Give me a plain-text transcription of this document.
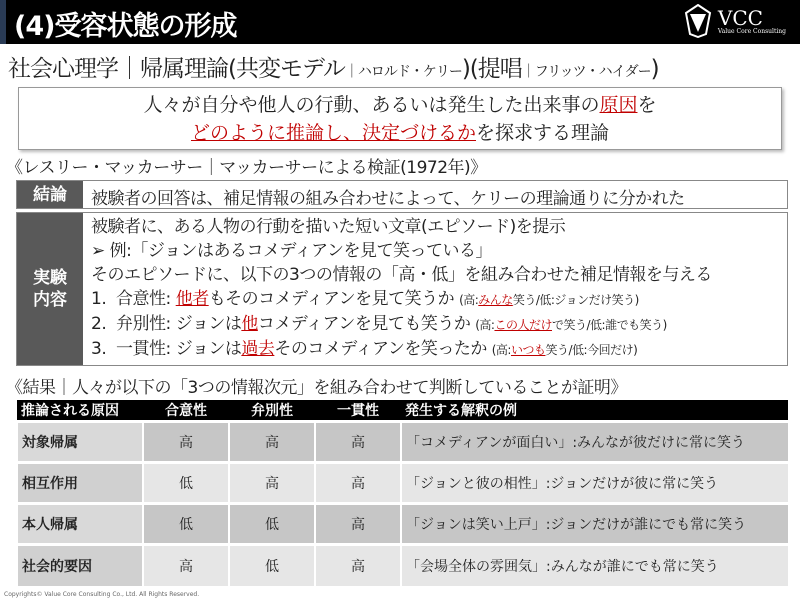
(4)受容状態の形成	VCC
Value Core Consulting
社会心理学｜帰属理論(共変モデル｜ハロルド・ケリー)(提唱｜フリッツ・ハイダー)
人々が自分や他人の行動、あるいは発生した出来事の原因を
どのように推論し、決定づけるかを探求する理論
《レスリー・マッカーサー｜マッカーサーによる検証(1972年)》
結論	被験者の回答は、補足情報の組み合わせによって、ケリーの理論通りに分かれた
実験
内容
被験者に、ある人物の行動を描いた短い文章(エピソード)を提示
➢ 例:「ジョンはあるコメディアンを見て笑っている」
そのエピソードに、以下の3つの情報の「高・低」を組み合わせた補足情報を与える
1. 合意性: 他者もそのコメディアンを見て笑うか (高:みんな笑う/低:ジョンだけ笑う)
2. 弁別性: ジョンは他コメディアンを見ても笑うか (高:この人だけで笑う/低:誰でも笑う)
3. 一貫性: ジョンは過去そのコメディアンを笑ったか (高:いつも笑う/低:今回だけ)
《結果｜人々が以下の「3つの情報次元」を組み合わせて判断していることが証明》
推論される原因	合意性	弁別性	一貫性	発生する解釈の例
対象帰属	高	高	高	「コメディアンが面白い」:みんなが彼だけに常に笑う
相互作用	低	高	高	「ジョンと彼の相性」:ジョンだけが彼に常に笑う
本人帰属	低	低	高	「ジョンは笑い上戸」:ジョンだけが誰にでも常に笑う
社会的要因	高	低	高	「会場全体の雰囲気」:みんなが誰にでも常に笑う
Copyrights© Value Core Consulting Co., Ltd. All Rights Reserved.
